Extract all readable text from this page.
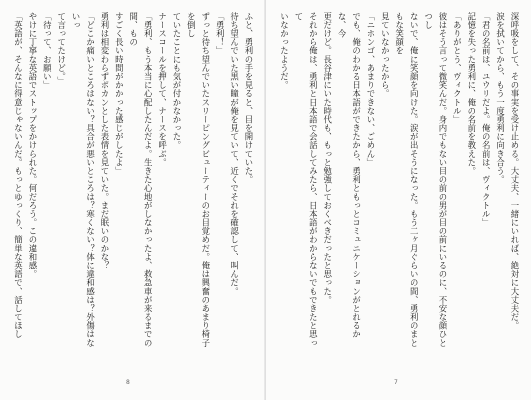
ふと、勇利の手を見ると、目を開けていた。
待ち望んでいた黒い瞳が俺を見ていて、近くでそれを確認して、叫んだ。
「勇利！」
ずっと待ち望んでいたスリーピングビューティーのお目覚めだ。俺は興奮のあまり椅子を倒し
ていたことにも気が付かなかった。
ナースコールを押して、ナースを呼ぶ。
「勇利、もう本当に心配したんだよ。生きた心地がしなかったよ、救急車が来るまでの間、もの
すごく長い時間がかかった感じがしたよ」
勇利は相変わらずポカンとした表情を見ていた。まだ眠いのかな？
「どこか痛いところはない？具合が悪いところは？寒くない？体に違和感は？外傷はないっ
て言ってたけど。」
「待って、お願い」
やけに丁寧な英語でストップをかけられた。何だろう。この違和感。
「英語が、そんなに得意じゃないんだ。もっとゆっくり、簡単な英語で、話してほし
8
深呼吸をして、その事実を受け止める。大丈夫、一緒にいれば、絶対に大丈夫だ。
涙を拭いてから、もう一度勇利に向き合う。
「君の名前は、ユウリだよ。俺の名前は、ヴィクトル」
記憶を失った勇利に、俺の名前を教えた。
「ありがとう、ヴィクトル」
彼はそう言って微笑んだ。身内でもない目の前の男が目の前にいるのに、不安な顔ひとつし
ないで、俺に笑顔を向けた。涙が出そうになった。もう二ヶ月ぐらいの間、勇利のまともな笑顔を
見ていなかったから。
「ニホンゴ、あまりできない、ごめん」
でも、俺のわかる日本語ができたから、勇利ともっとコミュニケーションがとれるかな、今
更だけど。長谷津にいた時代も、もっと勉強しておくべきだったと思った。
それから俺は、勇利と日本語で会話してみたら、日本語がわからないでもできたと思って
いなかったようだ。
7
